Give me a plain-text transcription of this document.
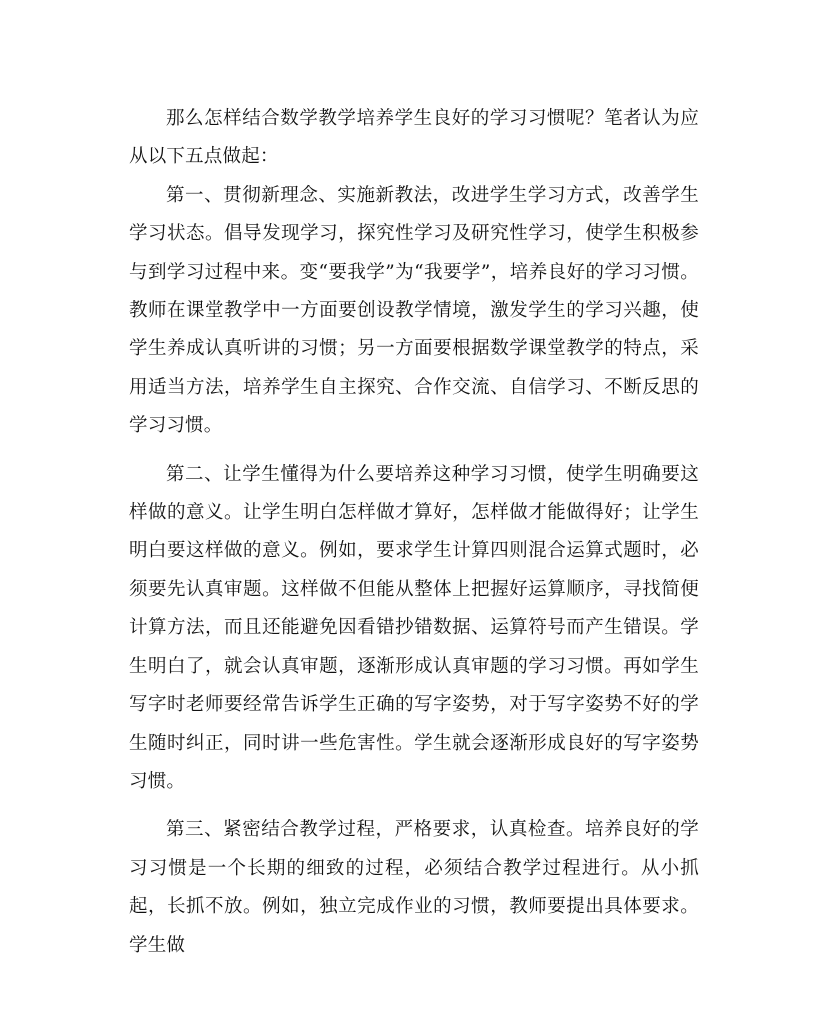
那么怎样结合数学教学培养学生良好的学习习惯呢？笔者认为应从以下五点做起：

第一、贯彻新理念、实施新教法，改进学生学习方式，改善学生学习状态。倡导发现学习，探究性学习及研究性学习，使学生积极参与到学习过程中来。变“要我学”为“我要学”，培养良好的学习习惯。教师在课堂教学中一方面要创设教学情境，激发学生的学习兴趣，使学生养成认真听讲的习惯；另一方面要根据数学课堂教学的特点，采用适当方法，培养学生自主探究、合作交流、自信学习、不断反思的学习习惯。

第二、让学生懂得为什么要培养这种学习习惯，使学生明确要这样做的意义。让学生明白怎样做才算好，怎样做才能做得好；让学生明白要这样做的意义。例如，要求学生计算四则混合运算式题时，必须要先认真审题。这样做不但能从整体上把握好运算顺序，寻找简便计算方法，而且还能避免因看错抄错数据、运算符号而产生错误。学生明白了，就会认真审题，逐渐形成认真审题的学习习惯。再如学生写字时老师要经常告诉学生正确的写字姿势，对于写字姿势不好的学生随时纠正，同时讲一些危害性。学生就会逐渐形成良好的写字姿势习惯。

第三、紧密结合教学过程，严格要求，认真检查。培养良好的学习习惯是一个长期的细致的过程，必须结合教学过程进行。从小抓起，长抓不放。例如，独立完成作业的习惯，教师要提出具体要求。学生做
